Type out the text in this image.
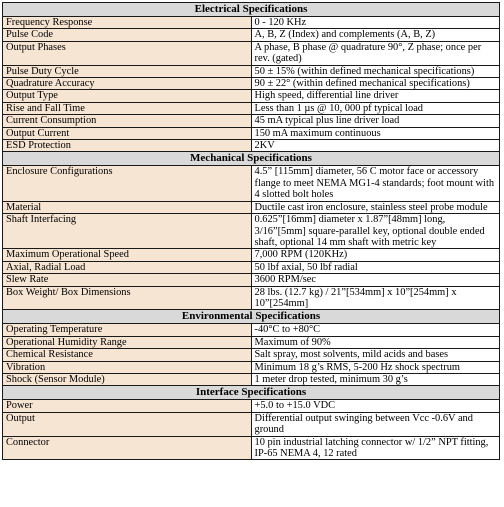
Electrical Specifications	
Frequency Response	0 - 120 KHz
Pulse Code	A, B, Z (Index) and complements (A, B, Z)
Output Phases	A phase, B phase @ quadrature 90°, Z phase; once per rev. (gated)
Pulse Duty Cycle	50 ± 15% (within defined mechanical specifications)
Quadrature Accuracy	90 ± 22° (within defined mechanical specifications)
Output Type	High speed, differential line driver
Rise and Fall Time	Less than 1 µs @ 10, 000 pf typical load
Current Consumption	45 mA typical plus line driver load
Output Current	150 mA maximum continuous
ESD Protection	2KV
Mechanical Specifications	
Enclosure Configurations	4.5” [115mm] diameter, 56 C motor face or accessory flange to meet NEMA MG1-4 standards; foot mount with 4 slotted bolt holes
Material	Ductile cast iron enclosure, stainless steel probe module
Shaft Interfacing	0.625”[16mm] diameter x 1.87”[48mm] long, 3/16”[5mm] square-parallel key, optional double ended shaft, optional 14 mm shaft with metric key
Maximum Operational Speed	7,000 RPM (120KHz)
Axial, Radial Load	50 lbf axial, 50 lbf radial
Slew Rate	3600 RPM/sec
Box Weight/ Box Dimensions	28 lbs. (12.7 kg) / 21”[534mm] x 10”[254mm] x 10”[254mm]
Environmental Specifications	
Operating Temperature	-40°C to +80°C
Operational Humidity Range	Maximum of 90%
Chemical Resistance	Salt spray, most solvents, mild acids and bases
Vibration	Minimum 18 g’s RMS, 5-200 Hz shock spectrum
Shock (Sensor Module)	1 meter drop tested, minimum 30 g’s
Interface Specifications	
Power	+5.0 to +15.0 VDC
Output	Differential output swinging between Vcc -0.6V and ground
Connector	10 pin industrial latching connector w/ 1/2” NPT fitting, IP-65 NEMA 4, 12 rated
